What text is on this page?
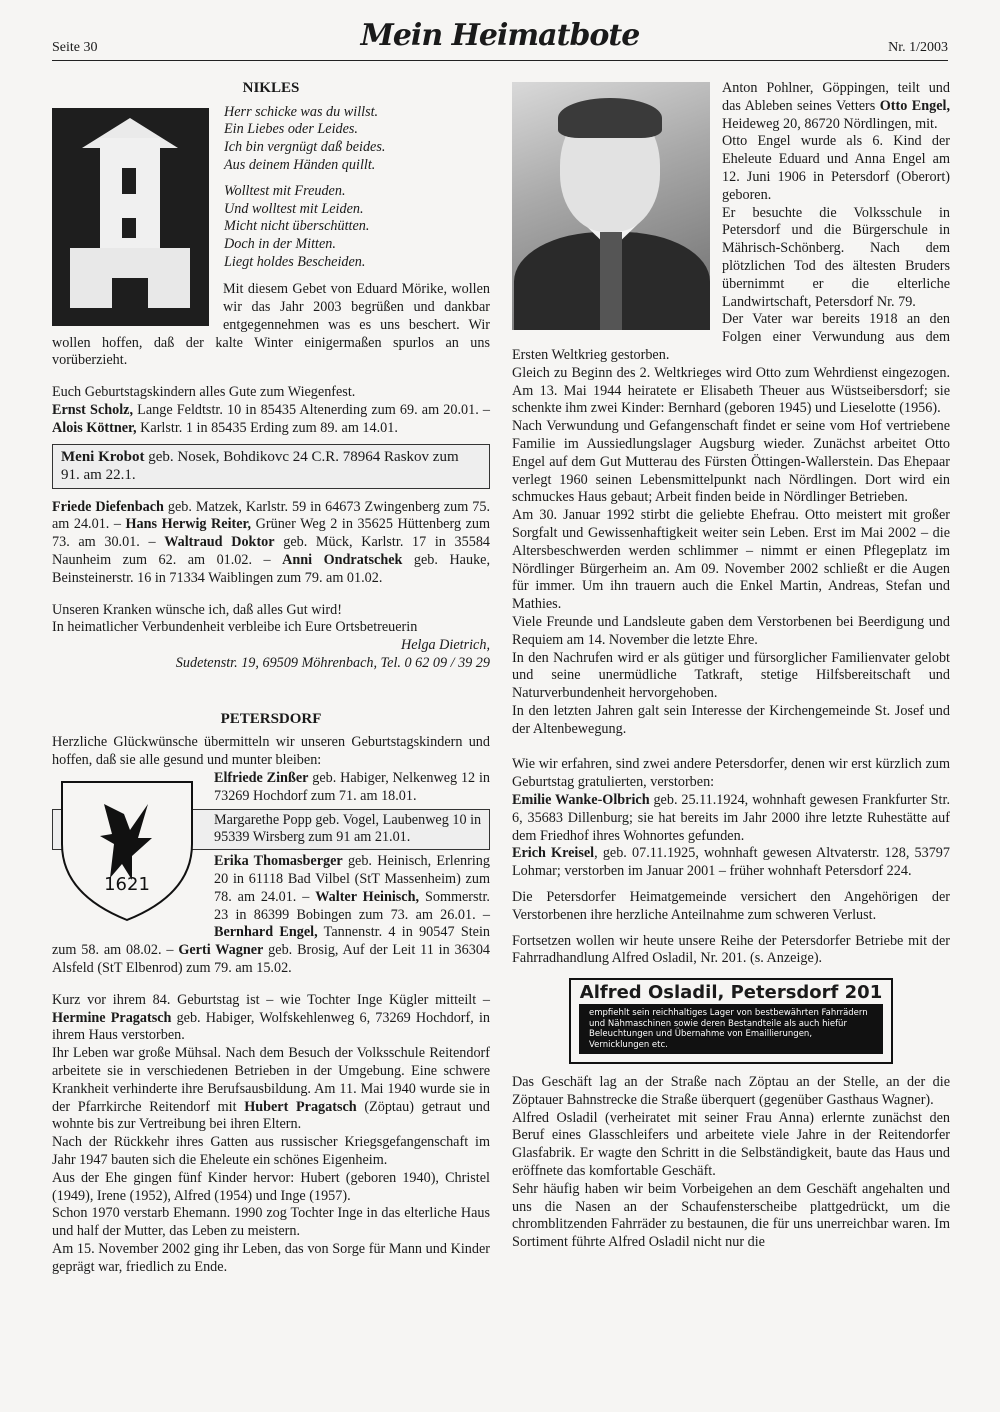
Seite 30	Mein Heimatbote	Nr. 1/2003
NIKLES
Herr schicke was du willst.
Ein Liebes oder Leides.
Ich bin vergnügt daß beides.
Aus deinem Händen quillt.
Wolltest mit Freuden.
Und wolltest mit Leiden.
Micht nicht überschütten.
Doch in der Mitten.
Liegt holdes Bescheiden.

Mit diesem Gebet von Eduard Mörike, wollen wir das Jahr 2003 begrüßen und dankbar entgegennehmen was es uns beschert. Wir wollen hoffen, daß der kalte Winter einigermaßen spurlos an uns vorüberzieht.

Euch Geburtstagskindern alles Gute zum Wiegenfest.

Ernst Scholz, Lange Feldtstr. 10 in 85435 Altenerding zum 69. am 20.01. – Alois Köttner, Karlstr. 1 in 85435 Erding zum 89. am 14.01.

Meni Krobot geb. Nosek, Bohdikovc 24 C.R. 78964 Raskov zum 91. am 22.1.

Friede Diefenbach geb. Matzek, Karlstr. 59 in 64673 Zwingenberg zum 75. am 24.01. – Hans Herwig Reiter, Grüner Weg 2 in 35625 Hüttenberg zum 73. am 30.01. – Waltraud Doktor geb. Mück, Karlstr. 17 in 35584 Naunheim zum 62. am 01.02. – Anni Ondratschek geb. Hauke, Beinsteinerstr. 16 in 71334 Waiblingen zum 79. am 01.02.

Unseren Kranken wünsche ich, daß alles Gut wird!

In heimatlicher Verbundenheit verbleibe ich Eure Ortsbetreuerin

Helga Dietrich,
Sudetenstr. 19, 69509 Möhrenbach, Tel. 0 62 09 / 39 29
PETERSDORF

Herzliche Glückwünsche übermitteln wir unseren Geburtstagskindern und hoffen, daß sie alle gesund und munter bleiben:

1621

Elfriede Zinßer geb. Habiger, Nelkenweg 12 in 73269 Hochdorf zum 71. am 18.01.

Margarethe Popp geb. Vogel, Laubenweg 10 in 95339 Wirsberg zum 91 am 21.01.

Erika Thomasberger geb. Heinisch, Erlenring 20 in 61118 Bad Vilbel (StT Massenheim) zum 78. am 24.01. – Walter Heinisch, Sommerstr. 23 in 86399 Bobingen zum 73. am 26.01. – Bernhard Engel, Tannenstr. 4 in 90547 Stein zum 58. am 08.02. – Gerti Wagner geb. Brosig, Auf der Leit 11 in 36304 Alsfeld (StT Elbenrod) zum 79. am 15.02.

Kurz vor ihrem 84. Geburtstag ist – wie Tochter Inge Kügler mitteilt – Hermine Pragatsch geb. Habiger, Wolfskehlenweg 6, 73269 Hochdorf, in ihrem Haus verstorben.

Ihr Leben war große Mühsal. Nach dem Besuch der Volksschule Reitendorf arbeitete sie in verschiedenen Betrieben in der Umgebung. Eine schwere Krankheit verhinderte ihre Berufsausbildung. Am 11. Mai 1940 wurde sie in der Pfarrkirche Reitendorf mit Hubert Pragatsch (Zöptau) getraut und wohnte bis zur Vertreibung bei ihren Eltern.

Nach der Rückkehr ihres Gatten aus russischer Kriegsgefangenschaft im Jahr 1947 bauten sich die Eheleute ein schönes Eigenheim.

Aus der Ehe gingen fünf Kinder hervor: Hubert (geboren 1940), Christel (1949), Irene (1952), Alfred (1954) und Inge (1957).

Schon 1970 verstarb Ehemann. 1990 zog Tochter Inge in das elterliche Haus und half der Mutter, das Leben zu meistern.

Am 15. November 2002 ging ihr Leben, das von Sorge für Mann und Kinder geprägt war, friedlich zu Ende.

Anton Pohlner, Göppingen, teilt und das Ableben seines Vetters Otto Engel, Heideweg 20, 86720 Nördlingen, mit.

Otto Engel wurde als 6. Kind der Eheleute Eduard und Anna Engel am 12. Juni 1906 in Petersdorf (Oberort) geboren.

Er besuchte die Volksschule in Petersdorf und die Bürgerschule in Mährisch-Schönberg. Nach dem plötzlichen Tod des ältesten Bruders übernimmt er die elterliche Landwirtschaft, Petersdorf Nr. 79.

Der Vater war bereits 1918 an den Folgen einer Verwundung aus dem Ersten Weltkrieg gestorben.

Gleich zu Beginn des 2. Weltkrieges wird Otto zum Wehrdienst eingezogen. Am 13. Mai 1944 heiratete er Elisabeth Theuer aus Wüstseibersdorf; sie schenkte ihm zwei Kinder: Bernhard (geboren 1945) und Lieselotte (1956).

Nach Verwundung und Gefangenschaft findet er seine vom Hof vertriebene Familie im Aussiedlungslager Augsburg wieder. Zunächst arbeitet Otto Engel auf dem Gut Mutterau des Fürsten Öttingen-Wallerstein. Das Ehepaar verlegt 1960 seinen Lebensmittelpunkt nach Nördlingen. Dort wird ein schmuckes Haus gebaut; Arbeit finden beide in Nördlinger Betrieben.

Am 30. Januar 1992 stirbt die geliebte Ehefrau. Otto meistert mit großer Sorgfalt und Gewissenhaftigkeit weiter sein Leben. Erst im Mai 2002 – die Altersbeschwerden werden schlimmer – nimmt er einen Pflegeplatz im Nördlinger Bürgerheim an. Am 09. November 2002 schließt er die Augen für immer. Um ihn trauern auch die Enkel Martin, Andreas, Stefan und Mathies.

Viele Freunde und Landsleute gaben dem Verstorbenen bei Beerdigung und Requiem am 14. November die letzte Ehre.

In den Nachrufen wird er als gütiger und fürsorglicher Familienvater gelobt und seine unermüdliche Tatkraft, stetige Hilfsbereitschaft und Naturverbundenheit hervorgehoben.

In den letzten Jahren galt sein Interesse der Kirchengemeinde St. Josef und der Altenbewegung.

Wie wir erfahren, sind zwei andere Petersdorfer, denen wir erst kürzlich zum Geburtstag gratulierten, verstorben:

Emilie Wanke-Olbrich geb. 25.11.1924, wohnhaft gewesen Frankfurter Str. 6, 35683 Dillenburg; sie hat bereits im Jahr 2000 ihre letzte Ruhestätte auf dem Friedhof ihres Wohnortes gefunden.

Erich Kreisel, geb. 07.11.1925, wohnhaft gewesen Altvaterstr. 128, 53797 Lohmar; verstorben im Januar 2001 – früher wohnhaft Petersdorf 224.

Die Petersdorfer Heimatgemeinde versichert den Angehörigen der Verstorbenen ihre herzliche Anteilnahme zum schweren Verlust.

Fortsetzen wollen wir heute unsere Reihe der Petersdorfer Betriebe mit der Fahrradhandlung Alfred Osladil, Nr. 201. (s. Anzeige).

Alfred Osladil, Petersdorf 201
empfiehlt sein reichhaltiges Lager von bestbewährten Fahrrädern und Nähmaschinen sowie deren Bestandteile als auch hiefür Beleuchtungen und Übernahme von Emaillierungen, Vernicklungen etc.

Das Geschäft lag an der Straße nach Zöptau an der Stelle, an der die Zöptauer Bahnstrecke die Straße überquert (gegenüber Gasthaus Wagner).

Alfred Osladil (verheiratet mit seiner Frau Anna) erlernte zunächst den Beruf eines Glasschleifers und arbeitete viele Jahre in der Reitendorfer Glasfabrik. Er wagte den Schritt in die Selbständigkeit, baute das Haus und eröffnete das komfortable Geschäft.

Sehr häufig haben wir beim Vorbeigehen an dem Geschäft angehalten und uns die Nasen an der Schaufensterscheibe plattgedrückt, um die chromblitzenden Fahrräder zu bestaunen, die für uns unerreichbar waren. Im Sortiment führte Alfred Osladil nicht nur die
